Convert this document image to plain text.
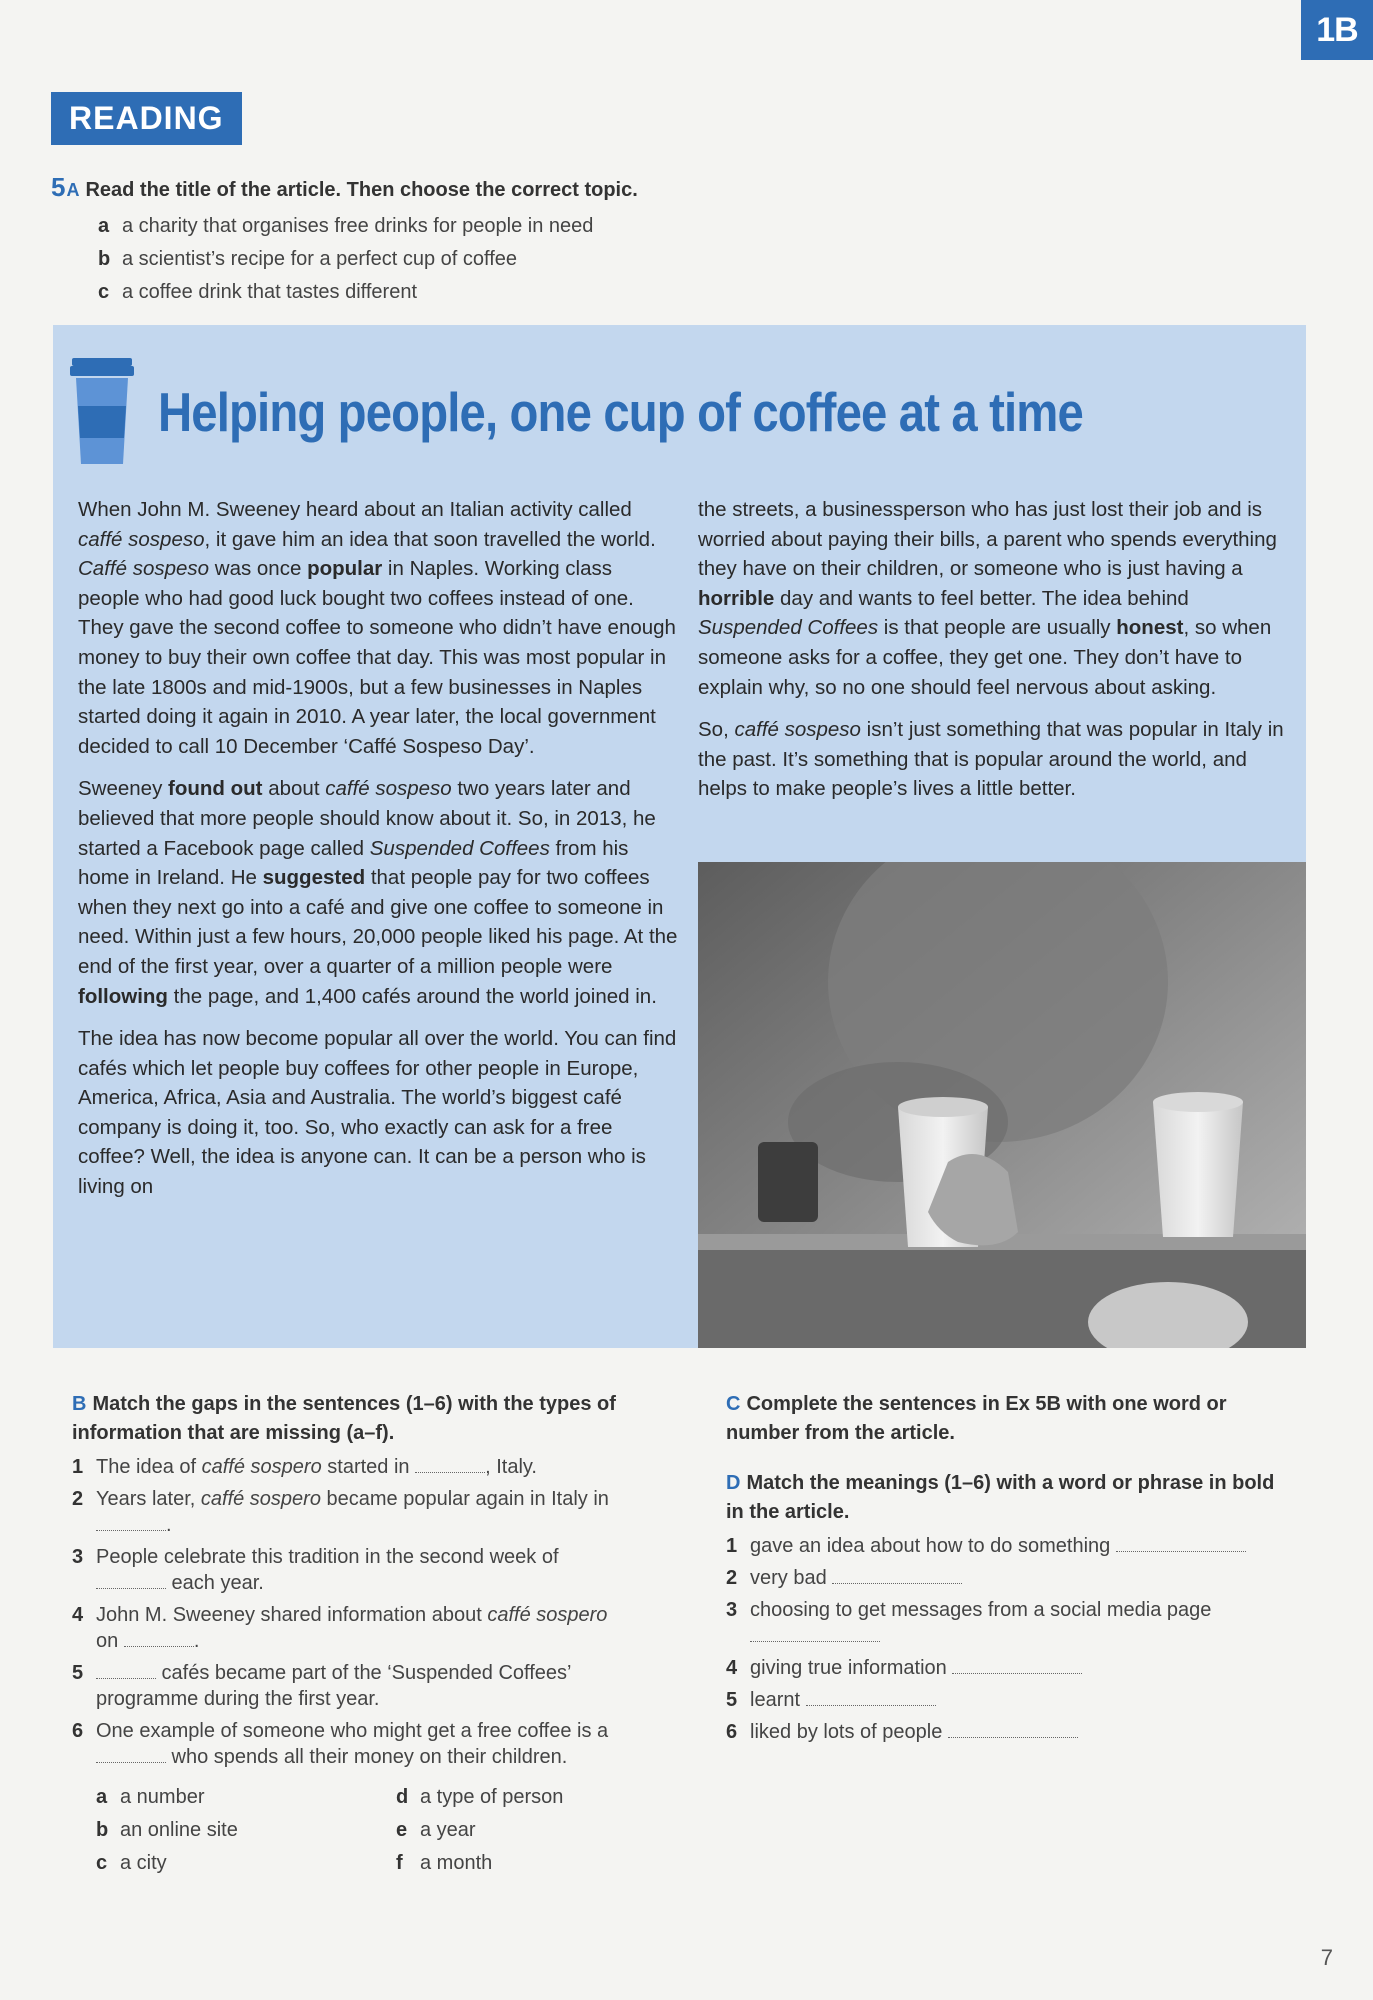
1B
READING
5A Read the title of the article. Then choose the correct topic.
a a charity that organises free drinks for people in need
b a scientist’s recipe for a perfect cup of coffee
c a coffee drink that tastes different
Helping people, one cup of coffee at a time

When John M. Sweeney heard about an Italian activity called caffé sospeso, it gave him an idea that soon travelled the world. Caffé sospeso was once popular in Naples. Working class people who had good luck bought two coffees instead of one. They gave the second coffee to someone who didn’t have enough money to buy their own coffee that day. This was most popular in the late 1800s and mid-1900s, but a few businesses in Naples started doing it again in 2010. A year later, the local government decided to call 10 December ‘Caffé Sospeso Day’.

Sweeney found out about caffé sospeso two years later and believed that more people should know about it. So, in 2013, he started a Facebook page called Suspended Coffees from his home in Ireland. He suggested that people pay for two coffees when they next go into a café and give one coffee to someone in need. Within just a few hours, 20,000 people liked his page. At the end of the first year, over a quarter of a million people were following the page, and 1,400 cafés around the world joined in.

The idea has now become popular all over the world. You can find cafés which let people buy coffees for other people in Europe, America, Africa, Asia and Australia. The world’s biggest café company is doing it, too. So, who exactly can ask for a free coffee? Well, the idea is anyone can. It can be a person who is living on

the streets, a businessperson who has just lost their job and is worried about paying their bills, a parent who spends everything they have on their children, or someone who is just having a horrible day and wants to feel better. The idea behind Suspended Coffees is that people are usually honest, so when someone asks for a coffee, they get one. They don’t have to explain why, so no one should feel nervous about asking.

So, caffé sospeso isn’t just something that was popular in Italy in the past. It’s something that is popular around the world, and helps to make people’s lives a little better.

B Match the gaps in the sentences (1–6) with the types of information that are missing (a–f).
1 The idea of caffé sospero started in	, Italy.
2 Years later, caffé sospero became popular again in Italy in .
3 People celebrate this tradition in the second week of  each year.
4 John M. Sweeney shared information about caffé sospero on	.
5	cafés became part of the ‘Suspended Coffees’ programme during the first year.
6 One example of someone who might get a free coffee is a  who spends all their money on their children.
a a number	d a type of person
b an online site	e a year
c a city	f a month
C Complete the sentences in Ex 5B with one word or number from the article.
D Match the meanings (1–6) with a word or phrase in bold in the article.
1 gave an idea about how to do something
2 very bad
3 choosing to get messages from a social media page
4 giving true information
5 learnt
6 liked by lots of people
7
